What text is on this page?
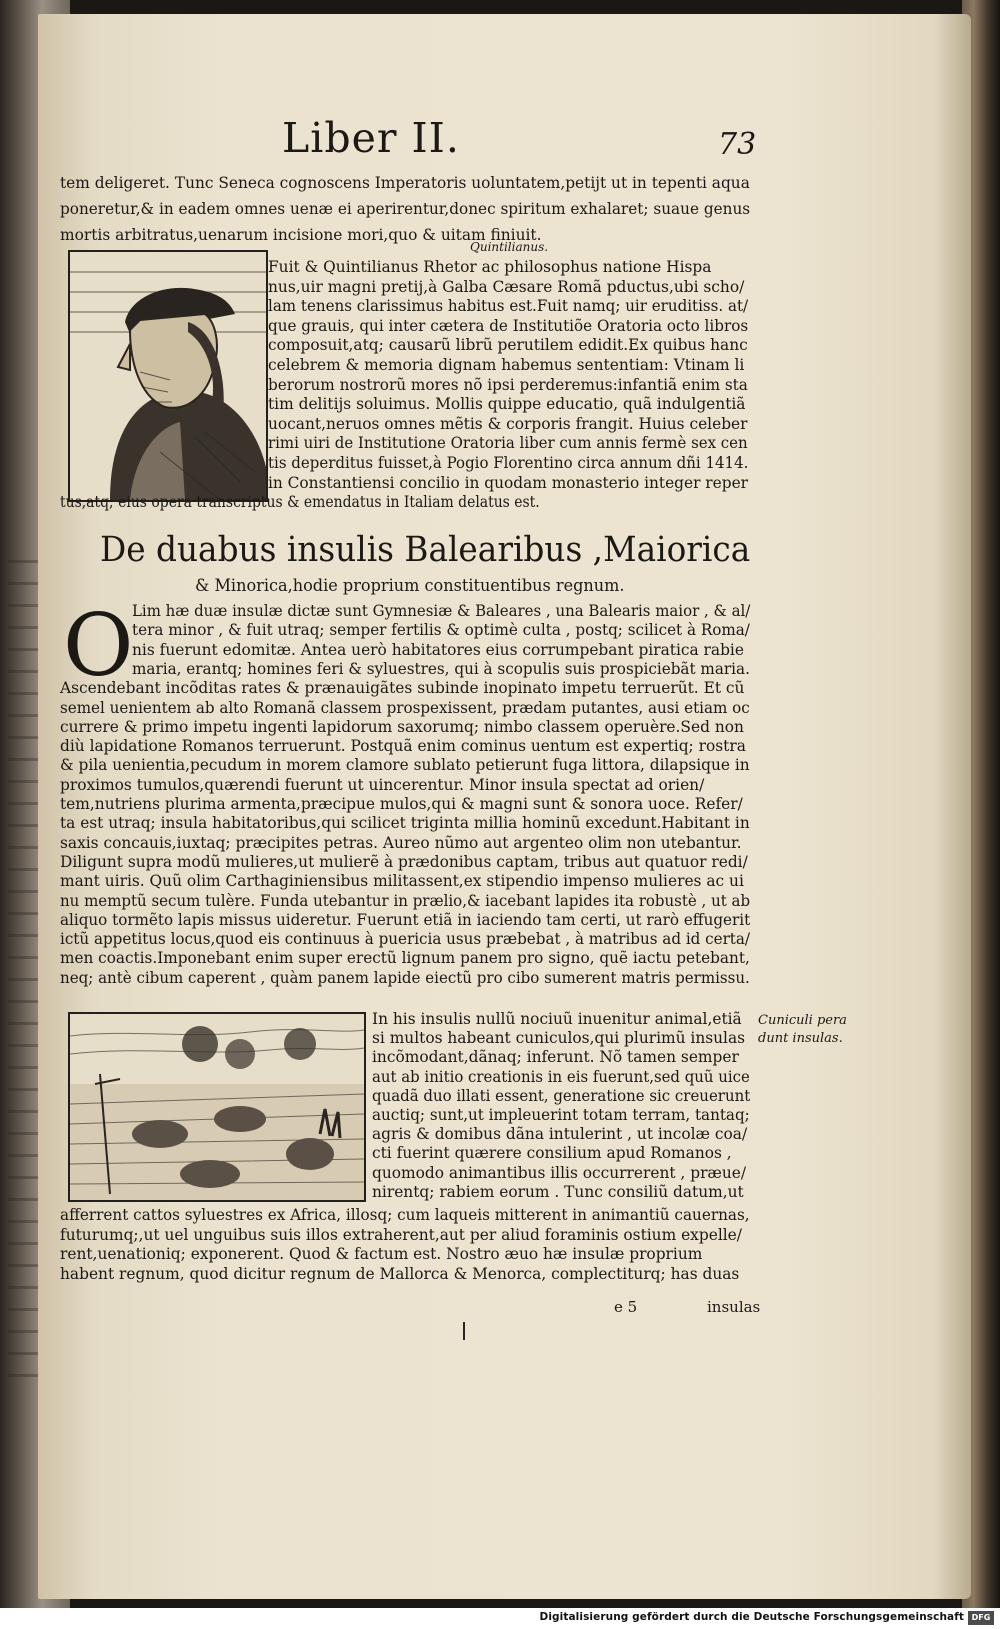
Liber II.	73
tem deligeret. Tunc Seneca cognoscens Imperatoris uoluntatem,petijt ut in tepenti aqua
poneretur,& in eadem omnes uenæ ei aperirentur,donec spiritum exhalaret; suaue genus
mortis arbitratus,uenarum incisione mori,quo & uitam finiuit.
Quintilianus.
Fuit & Quintilianus Rhetor ac philosophus natione Hispa
nus,uir magni pretij,à Galba Cæsare Romã pductus,ubi scho/
lam tenens clarissimus habitus est.Fuit namq; uir eruditiss. at/
que grauis, qui inter cætera de Institutiõe Oratoria octo libros
composuit,atq; causarũ librũ perutilem edidit.Ex quibus hanc
celebrem & memoria dignam habemus sententiam: Vtinam li
berorum nostrorũ mores nõ ipsi perderemus:infantiã enim sta
tim delitijs soluimus. Mollis quippe educatio, quã indulgentiã
uocant,neruos omnes mẽtis & corporis frangit. Huius celeber
rimi uiri de Institutione Oratoria liber cum annis fermè sex cen
tis deperditus fuisset,à Pogio Florentino circa annum dñi 1414.
in Constantiensi concilio in quodam monasterio integer reper
tus,atq; eius opera transcriptus & emendatus in Italiam delatus est.
De duabus insulis Balearibus ,Maiorica
& Minorica,hodie proprium constituentibus regnum.
O
Lim hæ duæ insulæ dictæ sunt Gymnesiæ & Baleares , una Balearis maior , & al/
tera minor , & fuit utraq; semper fertilis & optimè culta , postq; scilicet à Roma/
nis fuerunt edomitæ. Antea uerò habitatores eius corrumpebant piratica rabie
maria, erantq; homines feri & syluestres, qui à scopulis suis prospiciebãt maria.
Ascendebant incõditas rates & prænauigãtes subinde inopinato impetu terruerũt. Et cũ
semel uenientem ab alto Romanã classem prospexissent, prædam putantes, ausi etiam oc
currere & primo impetu ingenti lapidorum saxorumq; nimbo classem operuère.Sed non
diù lapidatione Romanos terruerunt. Postquã enim cominus uentum est expertiq; rostra
& pila uenientia,pecudum in morem clamore sublato petierunt fuga littora, dilapsique in
proximos tumulos,quærendi fuerunt ut uincerentur. Minor insula spectat ad orien/
tem,nutriens plurima armenta,præcipue mulos,qui & magni sunt & sonora uoce. Refer/
ta est utraq; insula habitatoribus,qui scilicet triginta millia hominũ excedunt.Habitant in
saxis concauis,iuxtaq; præcipites petras. Aureo nũmo aut argenteo olim non utebantur.
Diligunt supra modũ mulieres,ut mulierẽ à prædonibus captam, tribus aut quatuor redi/
mant uiris. Quũ olim Carthaginiensibus militassent,ex stipendio impenso mulieres ac ui
nu memptũ secum tulère. Funda utebantur in prælio,& iacebant lapides ita robustè , ut ab
aliquo tormẽto lapis missus uideretur. Fuerunt etiã in iaciendo tam certi, ut rarò effugerit
ictũ appetitus locus,quod eis continuus à puericia usus præbebat , à matribus ad id certa/
men coactis.Imponebant enim super erectũ lignum panem pro signo, quẽ iactu petebant,
neq; antè cibum caperent , quàm panem lapide eiectũ pro cibo sumerent matris permissu.
In his insulis nullũ nociuũ inuenitur animal,etiã
si multos habeant cuniculos,qui plurimũ insulas
incõmodant,dãnaq; inferunt. Nõ tamen semper
aut ab initio creationis in eis fuerunt,sed quũ uice
quadã duo illati essent, generatione sic creuerunt
auctiq; sunt,ut impleuerint totam terram, tantaq;
agris & domibus dãna intulerint , ut incolæ coa/
cti fuerint quærere consilium apud Romanos ,
quomodo animantibus illis occurrerent , præue/
nirentq; rabiem eorum . Tunc consiliũ datum,ut
Cuniculi pera
dunt insulas.
afferrent cattos syluestres ex Africa, illosq; cum laqueis mitterent in animantiũ cauernas,
futurumq;,ut uel unguibus suis illos extraherent,aut per aliud foraminis ostium expelle/
rent,uenationiq; exponerent. Quod & factum est. Nostro æuo hæ insulæ proprium
habent regnum, quod dicitur regnum de Mallorca & Menorca, complectiturq; has duas
e 5	insulas
Digitalisierung gefördert durch die Deutsche Forschungsgemeinschaft DFG
